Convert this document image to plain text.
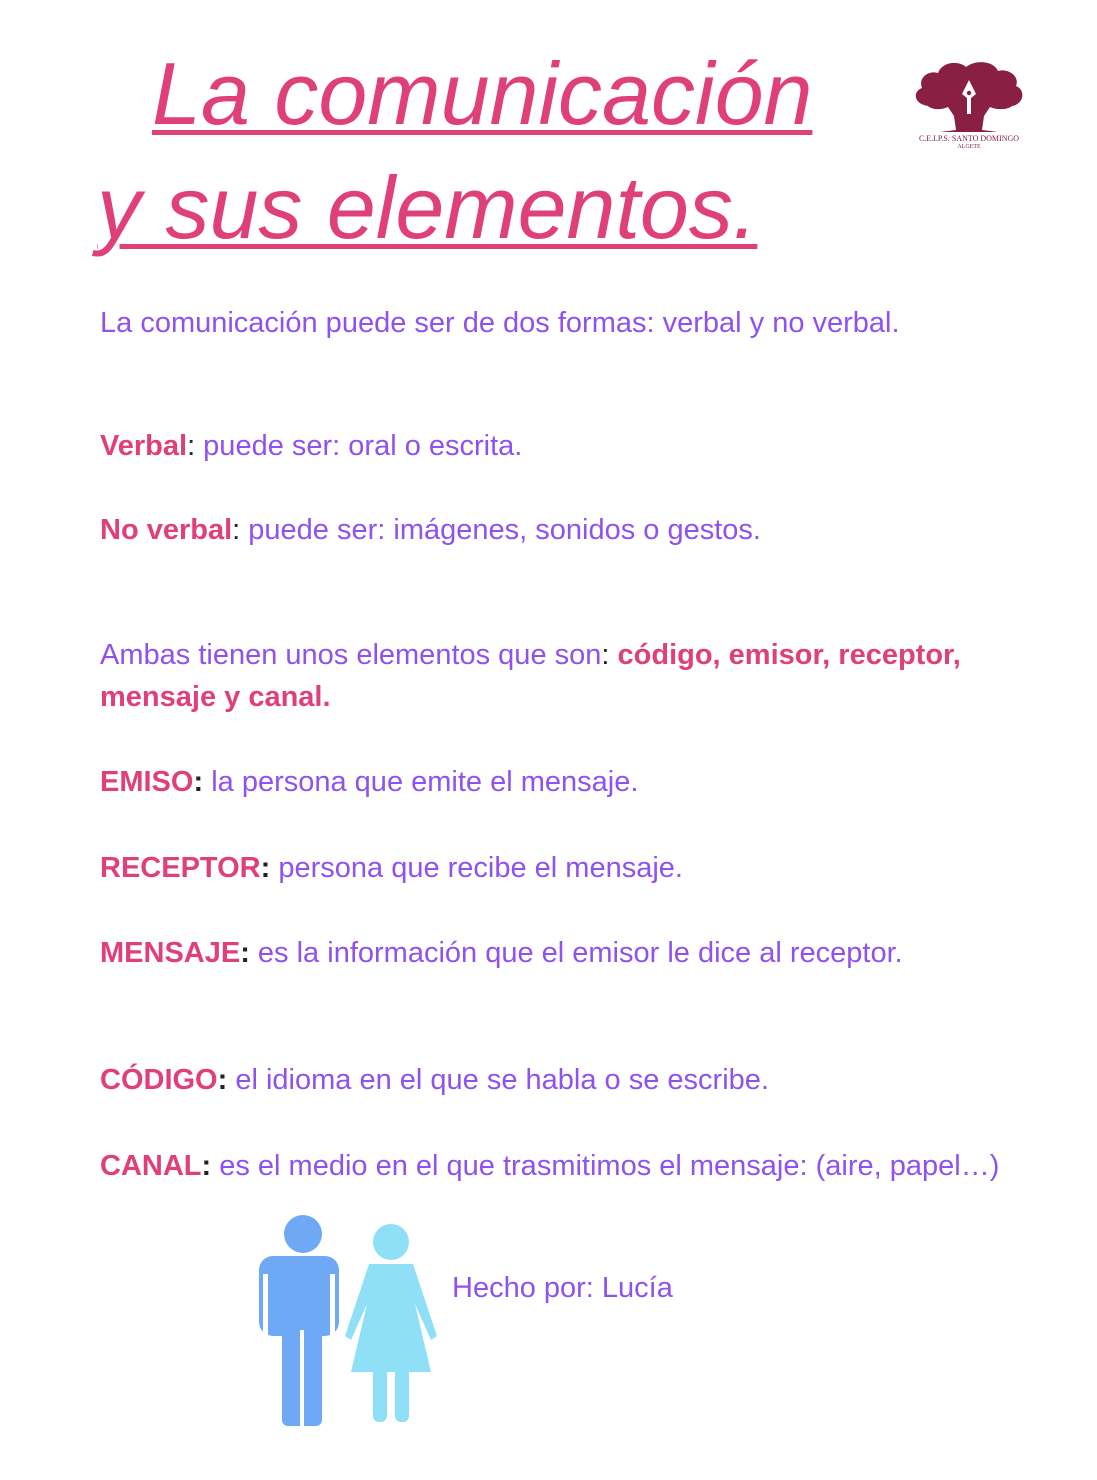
La comunicación
y sus elementos.
C.E.I.P.S. SANTO DOMINGO
ALGETE

La comunicación puede ser de dos formas: verbal y no verbal.

Verbal: puede ser: oral o escrita.

No verbal: puede ser: imágenes, sonidos o gestos.

Ambas tienen unos elementos que son: código, emisor, receptor, mensaje y canal.

EMISO: la persona que emite el mensaje.

RECEPTOR: persona que recibe el mensaje.

MENSAJE: es la información que el emisor le dice al receptor.

CÓDIGO: el idioma en el que se habla o se escribe.

CANAL: es el medio en el que trasmitimos el mensaje: (aire, papel…)

Hecho por: Lucía
